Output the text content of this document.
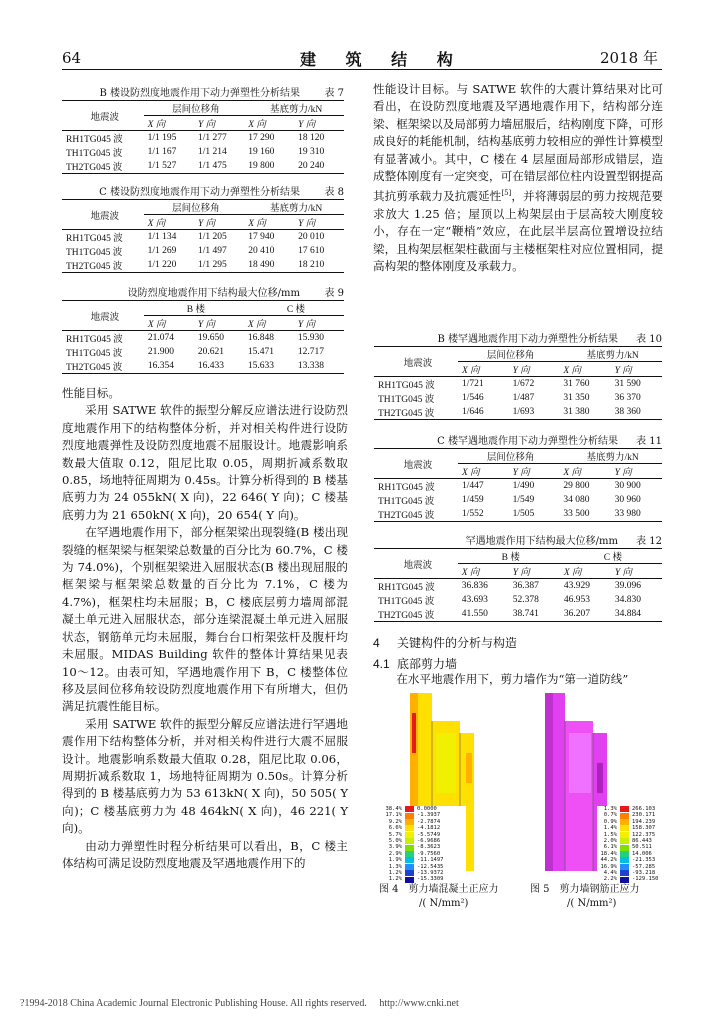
64	建 筑 结 构	2018 年
B 楼设防烈度地震作用下动力弹塑性分析结果 表 7
地震波	层间位移角		基底剪力/kN	
	X 向	Y 向	X 向	Y 向
RH1TG045 波	1/1 195	1/1 277	17 290	18 120
TH1TG045 波	1/1 167	1/1 214	19 160	19 310
TH2TG045 波	1/1 527	1/1 475	19 800	20 240
C 楼设防烈度地震作用下动力弹塑性分析结果 表 8
地震波	层间位移角		基底剪力/kN	
	X 向	Y 向	X 向	Y 向
RH1TG045 波	1/1 134	1/1 205	17 940	20 010
TH1TG045 波	1/1 269	1/1 497	20 410	17 610
TH2TG045 波	1/1 220	1/1 295	18 490	18 210
设防烈度地震作用下结构最大位移/mm 表 9
地震波	B 楼		C 楼	
	X 向	Y 向	X 向	Y 向
RH1TG045 波	21.074	19.650	16.848	15.930
TH1TG045 波	21.900	20.621	15.471	12.717
TH2TG045 波	16.354	16.433	15.633	13.338

性能目标。

采用 SATWE 软件的振型分解反应谱法进行设防烈度地震作用下的结构整体分析，并对相关构件进行设防烈度地震弹性及设防烈度地震不屈服设计。地震影响系数最大值取 0.12，阻尼比取 0.05，周期折减系数取 0.85，场地特征周期为 0.45s。计算分析得到的 B 楼基底剪力为 24 055kN( X 向)，22 646( Y 向)；C 楼基底剪力为 21 650kN( X 向)，20 654( Y 向)。

在罕遇地震作用下，部分框架梁出现裂缝(B 楼出现裂缝的框架梁与框架梁总数量的百分比为 60.7%，C 楼为 74.0%)，个别框架梁进入屈服状态(B 楼出现屈服的框架梁与框架梁总数量的百分比为 7.1%，C 楼为 4.7%)，框架柱均未屈服；B，C 楼底层剪力墙周部混凝土单元进入屈服状态，部分连梁混凝土单元进入屈服状态，钢筋单元均未屈服，舞台台口桁架弦杆及腹杆均未屈服。MIDAS Building 软件的整体计算结果见表 10～12。由表可知，罕遇地震作用下 B，C 楼整体位移及层间位移角较设防烈度地震作用下有所增大，但仍满足抗震性能目标。

采用 SATWE 软件的振型分解反应谱法进行罕遇地震作用下结构整体分析，并对相关构件进行大震不屈服设计。地震影响系数最大值取 0.28，阻尼比取 0.06，周期折减系数取 1，场地特征周期为 0.50s。计算分析得到的 B 楼基底剪力为 53 613kN( X 向)，50 505( Y 向)；C 楼基底剪力为 48 464kN( X 向)，46 221( Y 向)。

由动力弹塑性时程分析结果可以看出，B，C 楼主体结构可满足设防烈度地震及罕遇地震作用下的

性能设计目标。与 SATWE 软件的大震计算结果对比可看出，在设防烈度地震及罕遇地震作用下，结构部分连梁、框架梁以及局部剪力墙屈服后，结构刚度下降，可形成良好的耗能机制，结构基底剪力较相应的弹性计算模型有显著减小。其中，C 楼在 4 层屋面局部形成错层，造成整体刚度有一定突变，可在错层部位柱内设置型钢提高其抗剪承载力及抗震延性[5]，并将薄弱层的剪力按规范要求放大 1.25 倍；屋顶以上构架层由于层高较大刚度较小，存在一定“鞭梢”效应，在此层半层高位置增设拉结梁，且构架层框架柱截面与主楼框架柱对应位置相同，提高构架的整体刚度及承载力。

B 楼罕遇地震作用下动力弹塑性分析结果 表 10
地震波	层间位移角		基底剪力/kN	
	X 向	Y 向	X 向	Y 向
RH1TG045 波	1/721	1/672	31 760	31 590
TH1TG045 波	1/546	1/487	31 350	36 370
TH2TG045 波	1/646	1/693	31 380	38 360
C 楼罕遇地震作用下动力弹塑性分析结果 表 11
地震波	层间位移角		基底剪力/kN	
	X 向	Y 向	X 向	Y 向
RH1TG045 波	1/447	1/490	29 800	30 900
TH1TG045 波	1/459	1/549	34 080	30 960
TH2TG045 波	1/552	1/505	33 500	33 980
罕遇地震作用下结构最大位移/mm 表 12
地震波	B 楼		C 楼	
	X 向	Y 向	X 向	Y 向
RH1TG045 波	36.836	36.387	43.929	39.096
TH1TG045 波	43.693	52.378	46.953	34.830
TH2TG045 波	41.550	38.741	36.207	34.884
4 关键构件的分析与构造
4.1 底部剪力墙
在水平地震作用下，剪力墙作为“第一道防线”
38.4%	0.0000
17.1%	-1.3937
9.2%	-2.7874
6.6%	-4.1812
5.7%	-5.5749
5.0%	-6.9686
3.9%	-8.3623
2.9%	-9.7560
1.9%	-11.1497
1.3%	-12.5435
1.2%	-13.9372
1.2%	-15.3309
图 4　剪力墙混凝土正应力
/( N/mm²)
1.3%	266.103
0.7%	230.171
0.9%	194.239
1.4%	158.307
1.5%	122.375
2.0%	86.443
6.1%	50.511
18.4%	14.006
44.2%	-21.353
16.9%	-57.285
4.4%	-93.218
2.2%	-129.150
图 5　剪力墙钢筋正应力
/( N/mm²)
?1994-2018 China Academic Journal Electronic Publishing House. All rights reserved.　 http://www.cnki.net
